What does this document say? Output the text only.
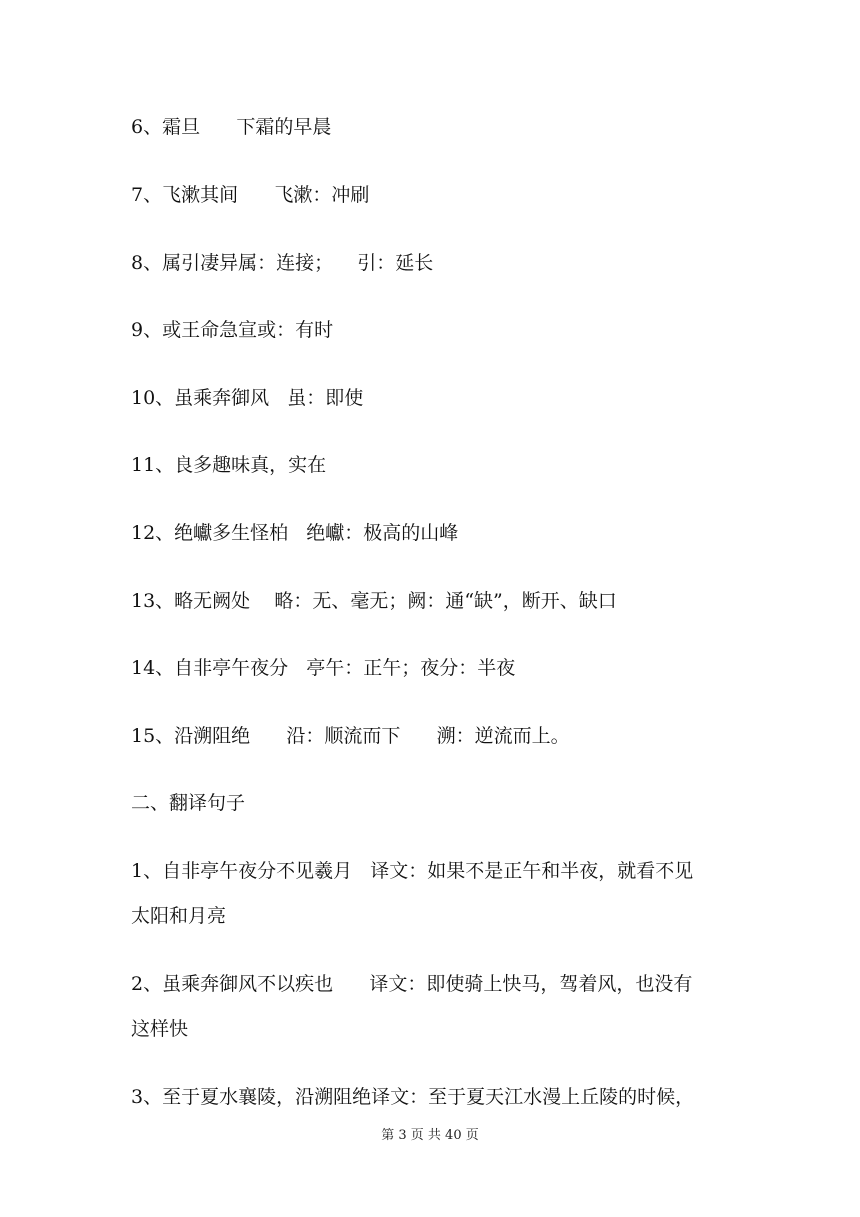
6、霜旦      下霜的早晨
7、飞漱其间      飞漱：冲刷
8、属引凄异属：连接；    引：延长
9、或王命急宣或：有时
10、虽乘奔御风   虽：即使
11、良多趣味真，实在
12、绝巘多生怪柏   绝巘：极高的山峰
13、略无阙处    略：无、毫无；阙：通“缺”，断开、缺口
14、自非亭午夜分   亭午：正午；夜分：半夜
15、沿溯阻绝      沿：顺流而下      溯：逆流而上。
二、翻译句子
1、自非亭午夜分不见羲月   译文：如果不是正午和半夜，就看不见
太阳和月亮
2、虽乘奔御风不以疾也      译文：即使骑上快马，驾着风，也没有
这样快
3、至于夏水襄陵，沿溯阻绝译文：至于夏天江水漫上丘陵的时候，
第 3 页 共 40 页
